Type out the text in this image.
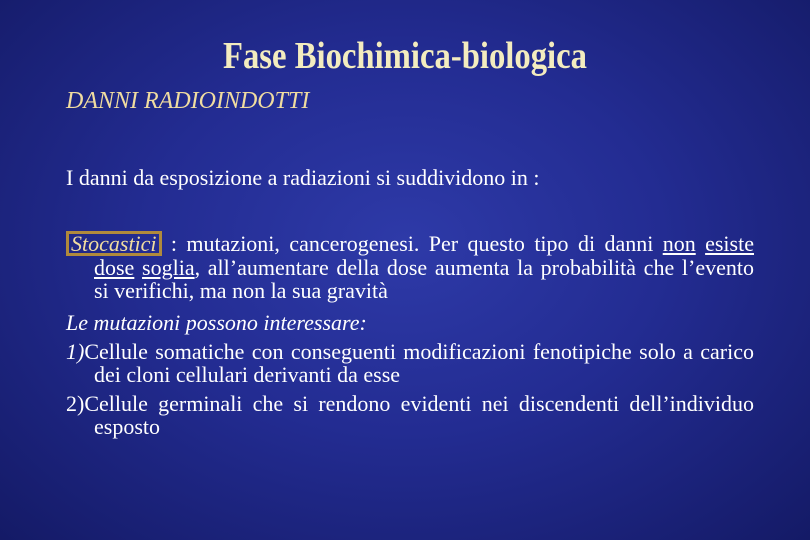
Fase Biochimica-biologica
DANNI RADIOINDOTTI
I danni da esposizione a radiazioni si suddividono in :

Stocastici : mutazioni, cancerogenesi. Per questo tipo di danni non esiste dose soglia, all’aumentare della dose aumenta la probabilità che l’evento si verifichi, ma non la sua gravità

Le mutazioni possono interessare:

1)Cellule somatiche con conseguenti modificazioni fenotipiche solo a carico dei cloni cellulari derivanti da esse

2)Cellule germinali che si rendono evidenti nei discendenti dell’individuo esposto
